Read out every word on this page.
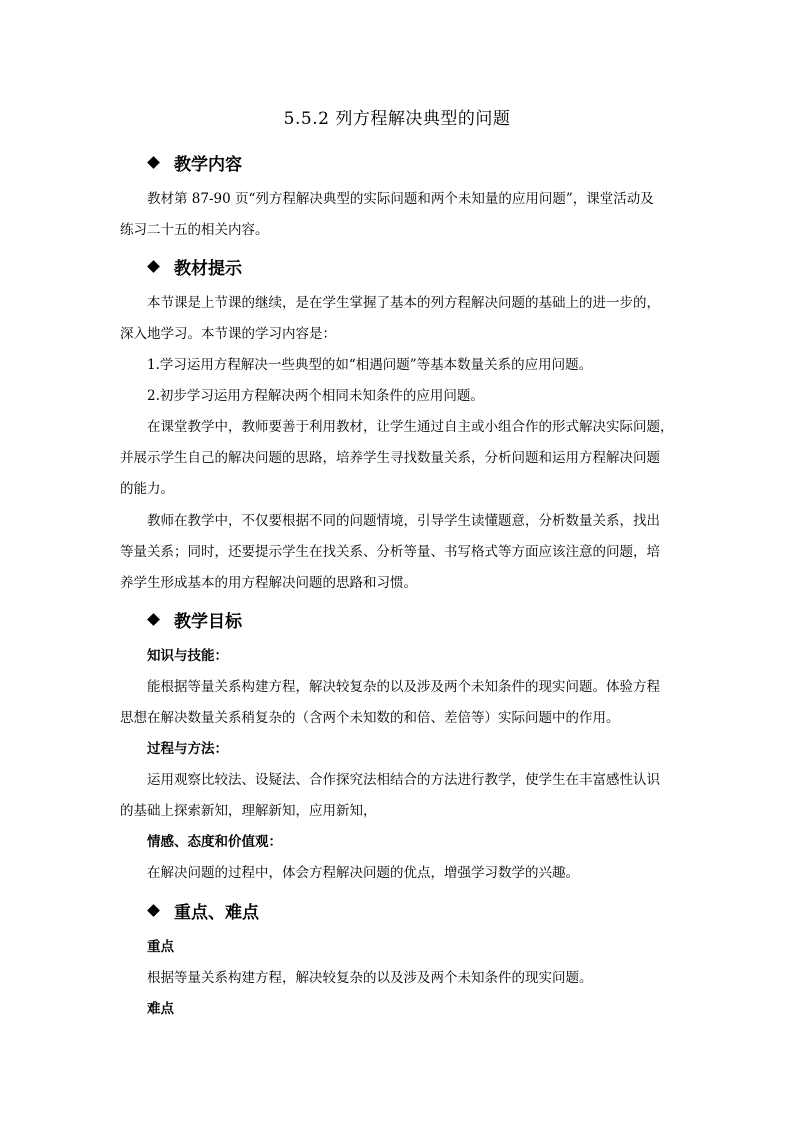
5.5.2 列方程解决典型的问题
教学内容
教材第 87-90 页“列方程解决典型的实际问题和两个未知量的应用问题”，课堂活动及
练习二十五的相关内容。
教材提示
本节课是上节课的继续，是在学生掌握了基本的列方程解决问题的基础上的进一步的，
深入地学习。本节课的学习内容是：
1.学习运用方程解决一些典型的如“相遇问题”等基本数量关系的应用问题。
2.初步学习运用方程解决两个相同未知条件的应用问题。
在课堂教学中，教师要善于利用教材，让学生通过自主或小组合作的形式解决实际问题，
并展示学生自己的解决问题的思路，培养学生寻找数量关系，分析问题和运用方程解决问题
的能力。
教师在教学中，不仅要根据不同的问题情境，引导学生读懂题意，分析数量关系，找出
等量关系；同时，还要提示学生在找关系、分析等量、书写格式等方面应该注意的问题，培
养学生形成基本的用方程解决问题的思路和习惯。
教学目标
知识与技能：
能根据等量关系构建方程，解决较复杂的以及涉及两个未知条件的现实问题。体验方程
思想在解决数量关系稍复杂的（含两个未知数的和倍、差倍等）实际问题中的作用。
过程与方法：
运用观察比较法、设疑法、合作探究法相结合的方法进行教学，使学生在丰富感性认识
的基础上探索新知，理解新知，应用新知，
情感、态度和价值观：
在解决问题的过程中，体会方程解决问题的优点，增强学习数学的兴趣。
重点、难点
重点
根据等量关系构建方程，解决较复杂的以及涉及两个未知条件的现实问题。
难点
